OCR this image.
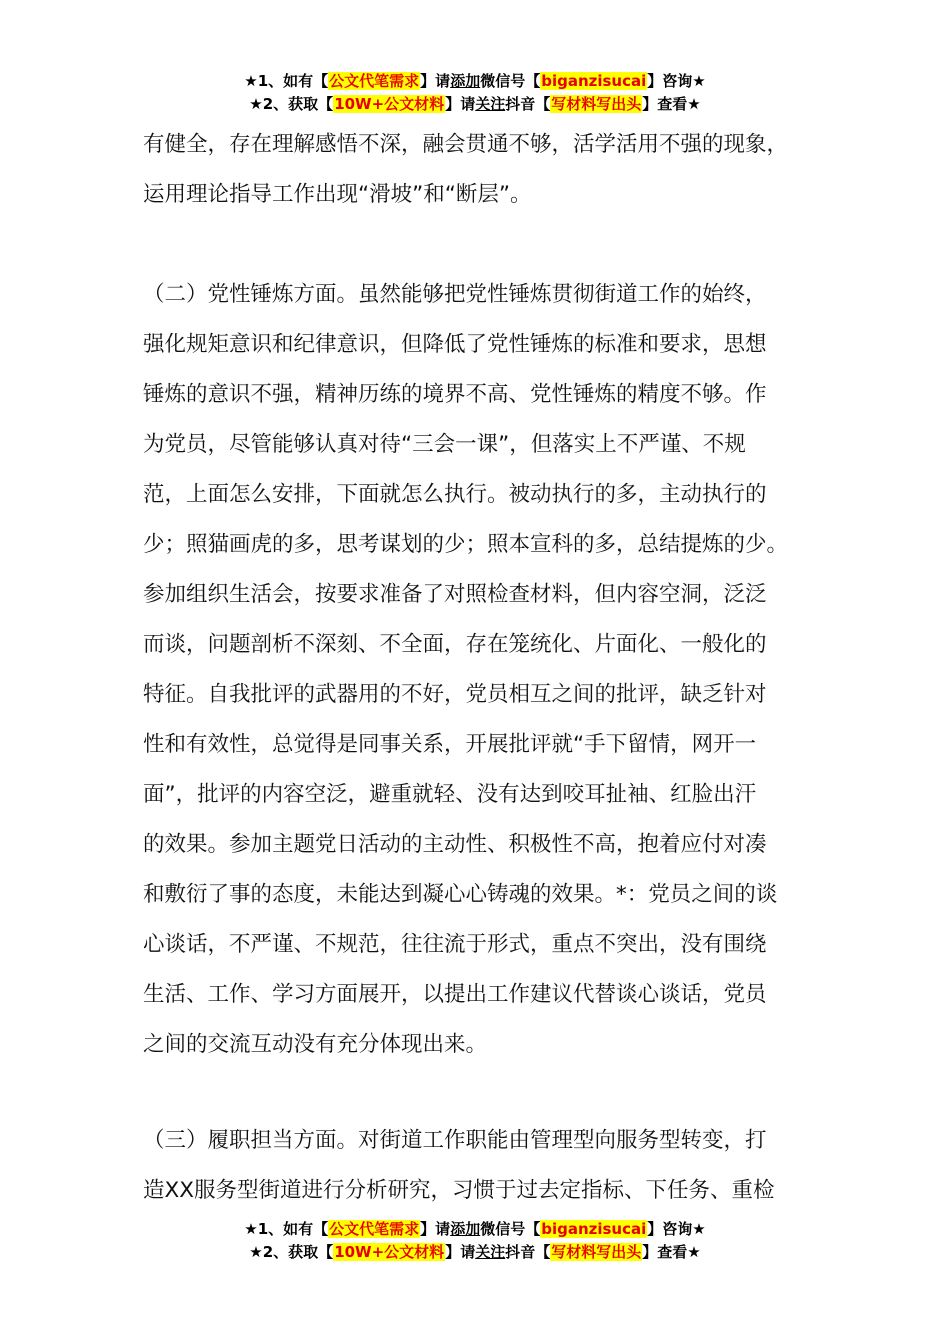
★1、如有【公文代笔需求】请添加微信号【biganzisucai】咨询★
★2、获取【10W+公文材料】请关注抖音【写材料写出头】查看★
有健全，存在理解感悟不深，融会贯通不够，活学活用不强的现象，
运用理论指导工作出现“滑坡”和“断层”。
（二）党性锤炼方面。虽然能够把党性锤炼贯彻街道工作的始终，
强化规矩意识和纪律意识，但降低了党性锤炼的标准和要求，思想
锤炼的意识不强，精神历练的境界不高、党性锤炼的精度不够。作
为党员，尽管能够认真对待“三会一课”，但落实上不严谨、不规
范，上面怎么安排，下面就怎么执行。被动执行的多，主动执行的
少；照猫画虎的多，思考谋划的少；照本宣科的多，总结提炼的少。
参加组织生活会，按要求准备了对照检查材料，但内容空洞，泛泛
而谈，问题剖析不深刻、不全面，存在笼统化、片面化、一般化的
特征。自我批评的武器用的不好，党员相互之间的批评，缺乏针对
性和有效性，总觉得是同事关系，开展批评就“手下留情，网开一
面”，批评的内容空泛，避重就轻、没有达到咬耳扯袖、红脸出汗
的效果。参加主题党日活动的主动性、积极性不高，抱着应付对凑
和敷衍了事的态度，未能达到凝心心铸魂的效果。*：党员之间的谈
心谈话，不严谨、不规范，往往流于形式，重点不突出，没有围绕
生活、工作、学习方面展开，以提出工作建议代替谈心谈话，党员
之间的交流互动没有充分体现出来。
（三）履职担当方面。对街道工作职能由管理型向服务型转变，打
造XX服务型街道进行分析研究，习惯于过去定指标、下任务、重检
★1、如有【公文代笔需求】请添加微信号【biganzisucai】咨询★
★2、获取【10W+公文材料】请关注抖音【写材料写出头】查看★
